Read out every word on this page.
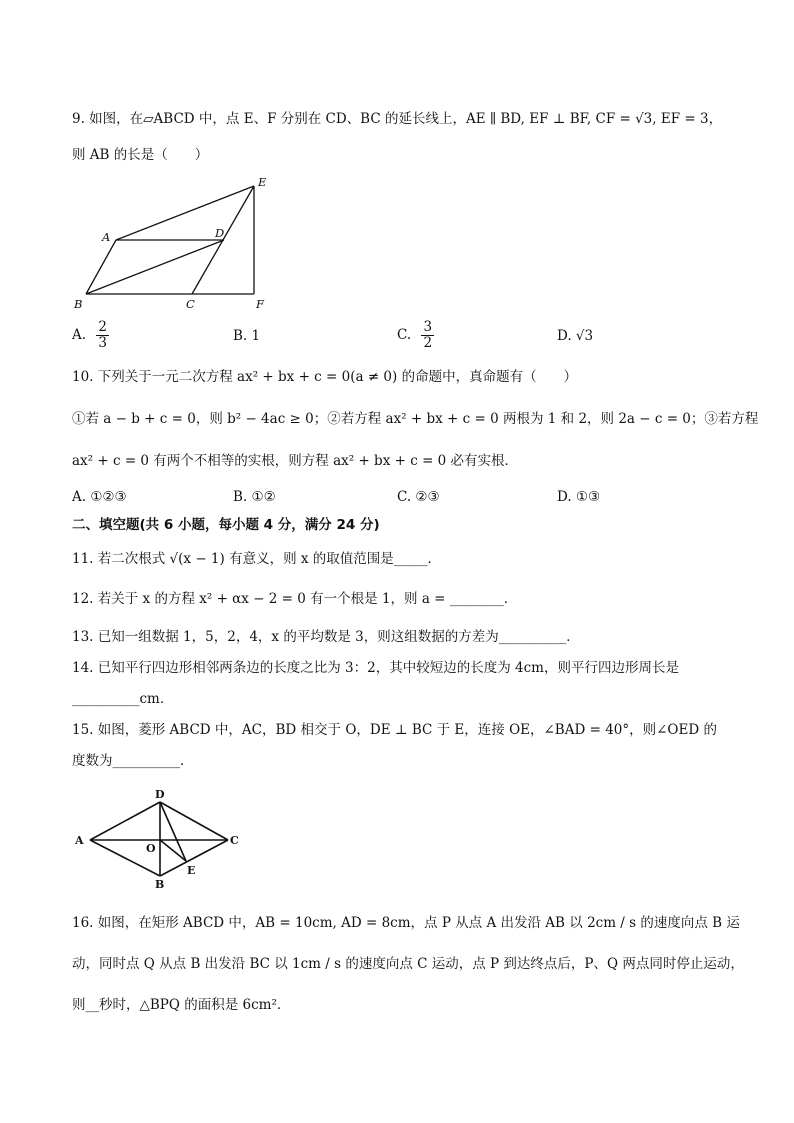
9. 如图，在▱ABCD 中，点 E、F 分别在 CD、BC 的延长线上，AE ∥ BD, EF ⊥ BF, CF = √3, EF = 3，
则 AB 的长是（　　）
A	D
E
B	C	F
A. $\frac{2}{3}$	B. 1	C. $\frac{3}{2}$	D. √3
10. 下列关于一元二次方程 ax² + bx + c = 0(a ≠ 0) 的命题中，真命题有（　　）
①若 a − b + c = 0，则 b² − 4ac ≥ 0；②若方程 ax² + bx + c = 0 两根为 1 和 2，则 2a − c = 0；③若方程
ax² + c = 0 有两个不相等的实根，则方程 ax² + bx + c = 0 必有实根．
A. ①②③	B. ①②	C. ②③	D. ①③
二、填空题(共 6 小题，每小题 4 分，满分 24 分)
11. 若二次根式 √(x − 1) 有意义，则 x 的取值范围是_____．
12. 若关于 x 的方程 x² + αx − 2 = 0 有一个根是 1，则 a = ________．
13. 已知一组数据 1，5，2，4，x 的平均数是 3，则这组数据的方差为__________．
14. 已知平行四边形相邻两条边的长度之比为 3：2，其中较短边的长度为 4cm，则平行四边形周长是
__________cm．
15. 如图，菱形 ABCD 中，AC，BD 相交于 O，DE ⊥ BC 于 E，连接 OE，∠BAD = 40°，则∠OED 的
度数为__________．
D
A	C
O
B
E
16. 如图，在矩形 ABCD 中，AB = 10cm, AD = 8cm，点 P 从点 A 出发沿 AB 以 2cm / s 的速度向点 B 运
动，同时点 Q 从点 B 出发沿 BC 以 1cm / s 的速度向点 C 运动，点 P 到达终点后，P、Q 两点同时停止运动，
则__秒时，△BPQ 的面积是 6cm²．
